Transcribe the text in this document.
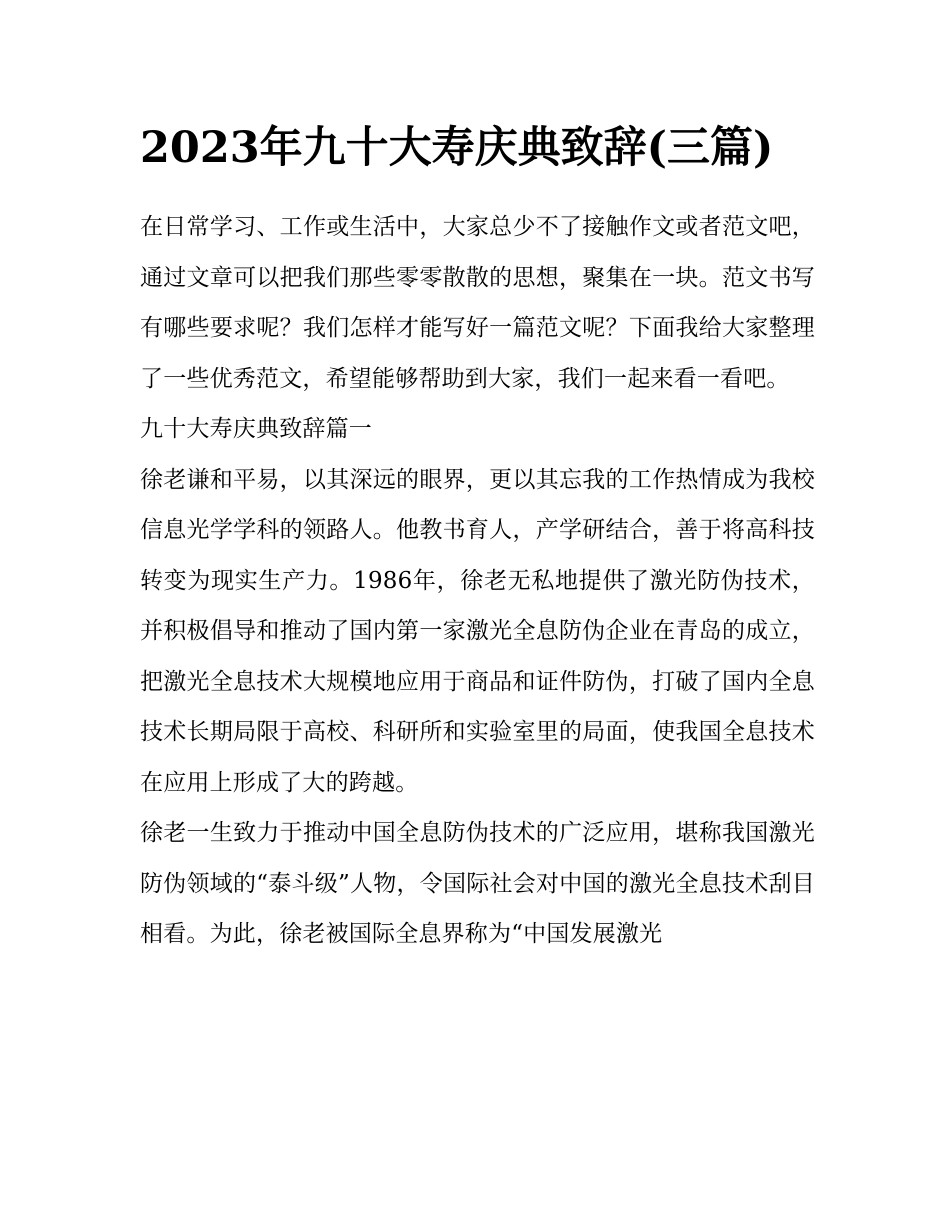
2023年九十大寿庆典致辞(三篇)

在日常学习、工作或生活中，大家总少不了接触作文或者范文吧，通过文章可以把我们那些零零散散的思想，聚集在一块。范文书写有哪些要求呢？我们怎样才能写好一篇范文呢？下面我给大家整理了一些优秀范文，希望能够帮助到大家，我们一起来看一看吧。

九十大寿庆典致辞篇一

徐老谦和平易，以其深远的眼界，更以其忘我的工作热情成为我校信息光学学科的领路人。他教书育人，产学研结合，善于将高科技转变为现实生产力。1986年，徐老无私地提供了激光防伪技术，并积极倡导和推动了国内第一家激光全息防伪企业在青岛的成立，把激光全息技术大规模地应用于商品和证件防伪，打破了国内全息技术长期局限于高校、科研所和实验室里的局面，使我国全息技术在应用上形成了大的跨越。

徐老一生致力于推动中国全息防伪技术的广泛应用，堪称我国激光防伪领域的“泰斗级”人物，令国际社会对中国的激光全息技术刮目相看。为此，徐老被国际全息界称为“中国发展激光
